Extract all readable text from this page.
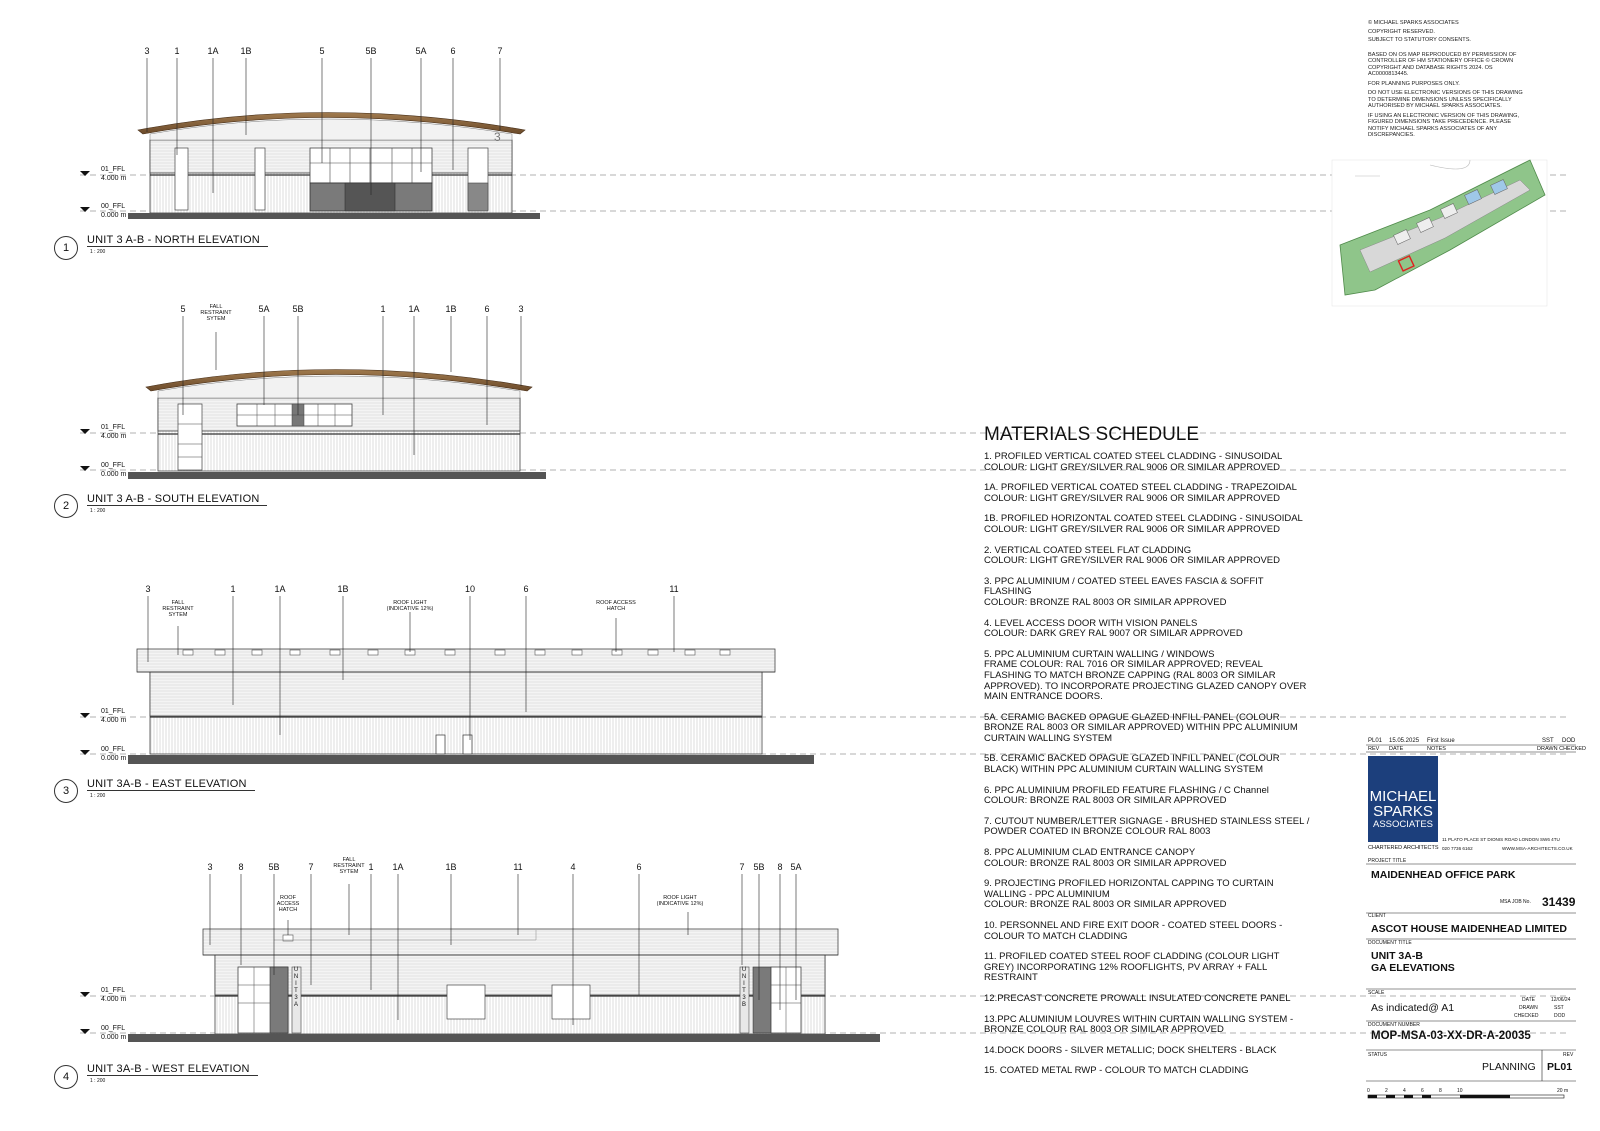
3	1	1A 1B	5	5B	5A	6	7
3
01_FFL
4.000 m
00_FFL
0.000 m
1
UNIT 3 A-B - NORTH ELEVATION
1 : 200
5	5A	5B	1	1A	1B	6	3
FALL RESTRAINT SYTEM
01_FFL
4.000 m
00_FFL
0.000 m
2
UNIT 3 A-B - SOUTH ELEVATION
1 : 200
3	1	1A	1B	10	6	11
FALL RESTRAINT SYTEM
ROOF LIGHT (INDICATIVE 12%)
ROOF ACCESS HATCH
01_FFL
4.000 m
00_FFL
0.000 m
3
UNIT 3A-B - EAST ELEVATION
1 : 200
3	8	5B	7	1 1A	1B	11	4	6	7 5B 8 5A
ROOF ACCESS HATCH
FALL RESTRAINT SYTEM
ROOF LIGHT (INDICATIVE 12%)
U N I T 3 A
U N I T 3 B
01_FFL
4.000 m
00_FFL
0.000 m
4
UNIT 3A-B - WEST ELEVATION
1 : 200
MATERIALS SCHEDULE
1. PROFILED VERTICAL COATED STEEL CLADDING - SINUSOIDAL
COLOUR: LIGHT GREY/SILVER RAL 9006 OR SIMILAR APPROVED
1A. PROFILED VERTICAL COATED STEEL CLADDING - TRAPEZOIDAL
COLOUR: LIGHT GREY/SILVER RAL 9006 OR SIMILAR APPROVED
1B. PROFILED HORIZONTAL COATED STEEL CLADDING - SINUSOIDAL
COLOUR: LIGHT GREY/SILVER RAL 9006 OR SIMILAR APPROVED
2. VERTICAL COATED STEEL FLAT CLADDING
COLOUR: LIGHT GREY/SILVER RAL 9006 OR SIMILAR APPROVED
3. PPC ALUMINIUM / COATED STEEL EAVES FASCIA & SOFFIT
FLASHING
COLOUR: BRONZE RAL 8003 OR SIMILAR APPROVED
4. LEVEL ACCESS DOOR WITH VISION PANELS
COLOUR: DARK GREY RAL 9007 OR SIMILAR APPROVED
5. PPC ALUMINIUM CURTAIN WALLING / WINDOWS
FRAME COLOUR: RAL 7016 OR SIMILAR APPROVED; REVEAL
FLASHING TO MATCH BRONZE CAPPING (RAL 8003 OR SIMILAR
APPROVED). TO INCORPORATE PROJECTING GLAZED CANOPY OVER
MAIN ENTRANCE DOORS.
5A. CERAMIC BACKED OPAGUE GLAZED INFILL PANEL (COLOUR
BRONZE RAL 8003 OR SIMILAR APPROVED) WITHIN PPC ALUMINIUM
CURTAIN WALLING SYSTEM
5B. CERAMIC BACKED OPAGUE GLAZED INFILL PANEL (COLOUR
BLACK) WITHIN PPC ALUMINIUM CURTAIN WALLING SYSTEM
6. PPC ALUMINIUM PROFILED FEATURE FLASHING / C Channel
COLOUR: BRONZE RAL 8003 OR SIMILAR APPROVED
7. CUTOUT NUMBER/LETTER SIGNAGE - BRUSHED STAINLESS STEEL /
POWDER COATED IN BRONZE COLOUR RAL 8003
8. PPC ALUMINIUM CLAD ENTRANCE CANOPY
COLOUR: BRONZE RAL 8003 OR SIMILAR APPROVED
9. PROJECTING PROFILED HORIZONTAL CAPPING TO CURTAIN
WALLING - PPC ALUMINIUM
COLOUR: BRONZE RAL 8003 OR SIMILAR APPROVED
10. PERSONNEL AND FIRE EXIT DOOR - COATED STEEL DOORS -
COLOUR TO MATCH CLADDING
11. PROFILED COATED STEEL ROOF CLADDING (COLOUR LIGHT
GREY) INCORPORATING 12% ROOFLIGHTS, PV ARRAY + FALL
RESTRAINT
12.PRECAST CONCRETE PROWALL INSULATED CONCRETE PANEL
13.PPC ALUMINIUM LOUVRES WITHIN CURTAIN WALLING SYSTEM -
BRONZE COLOUR RAL 8003 OR SIMILAR APPROVED
14.DOCK DOORS - SILVER METALLIC; DOCK SHELTERS - BLACK
15. COATED METAL RWP - COLOUR TO MATCH CLADDING
© MICHAEL SPARKS ASSOCIATES
COPYRIGHT RESERVED.
SUBJECT TO STATUTORY CONSENTS.
BASED ON OS MAP REPRODUCED BY PERMISSION OF CONTROLLER OF HM STATIONERY OFFICE © CROWN COPYRIGHT AND DATABASE RIGHTS 2024. OS AC0000813445.
FOR PLANNING PURPOSES ONLY.
DO NOT USE ELECTRONIC VERSIONS OF THIS DRAWING TO DETERMINE DIMENSIONS UNLESS SPECIFICALLY AUTHORISED BY MICHAEL SPARKS ASSOCIATES.
IF USING AN ELECTRONIC VERSION OF THIS DRAWING, FIGURED DIMENSIONS TAKE PRECEDENCE. PLEASE NOTIFY MICHAEL SPARKS ASSOCIATES OF ANY DISCREPANCIES.
PL01 15.05.2025 First Issue	SST DOD
REV DATE	NOTES	DRAWN CHECKED
MICHAEL
SPARKS
ASSOCIATES
11 PLATO PLACE ST DIONIS ROAD LONDON SW6 4TU
CHARTERED ARCHITECTS 020 7736 6162	WWW.MSA-ARCHITECTS.CO.UK
PROJECT TITLE
MAIDENHEAD OFFICE PARK
MSA JOB No. 31439
CLIENT
ASCOT HOUSE MAIDENHEAD LIMITED
DOCUMENT TITLE
UNIT 3A-B
GA ELEVATIONS
SCALE
As indicated@ A1
DATE	12/06/24
DRAWN	SST
CHECKED	DOD
DOCUMENT NUMBER
MOP-MSA-03-XX-DR-A-20035
STATUS
PLANNING
REV
PL01
0	2	4	6	8	10	20 m
